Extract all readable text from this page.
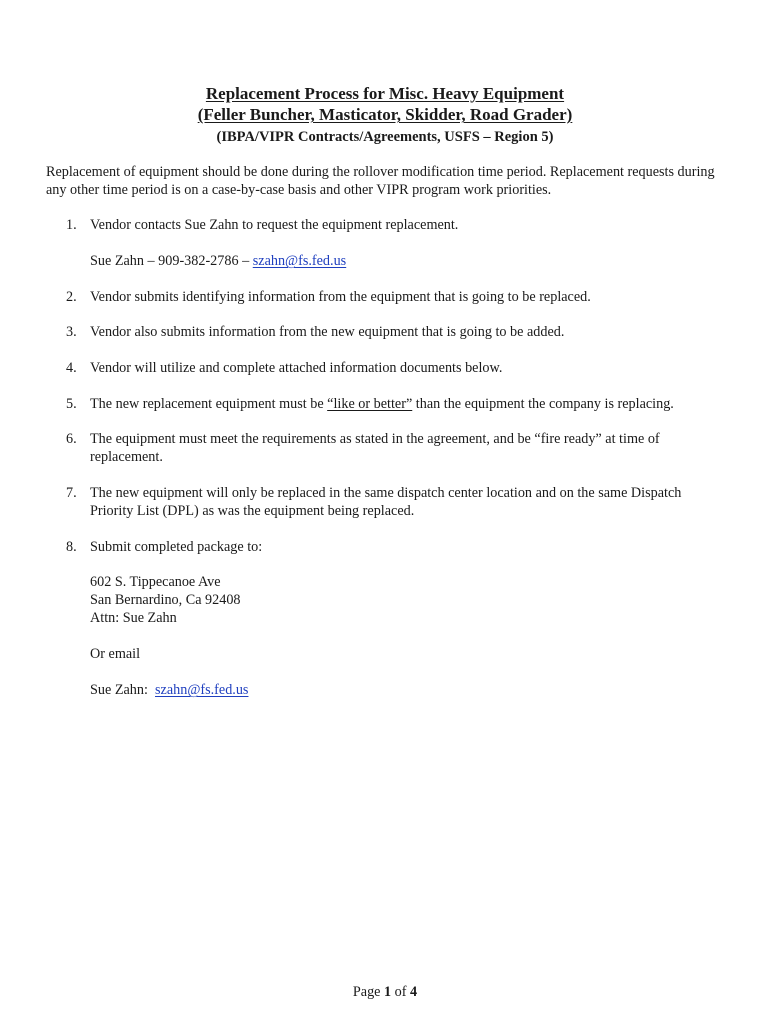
Replacement Process for Misc. Heavy Equipment
(Feller Buncher, Masticator, Skidder, Road Grader)
(IBPA/VIPR Contracts/Agreements, USFS – Region 5)
Replacement of equipment should be done during the rollover modification time period. Replacement requests during any other time period is on a case-by-case basis and other VIPR program work priorities.
1. Vendor contacts Sue Zahn to request the equipment replacement.
Sue Zahn – 909-382-2786 – szahn@fs.fed.us
2. Vendor submits identifying information from the equipment that is going to be replaced.
3. Vendor also submits information from the new equipment that is going to be added.
4. Vendor will utilize and complete attached information documents below.
5. The new replacement equipment must be “like or better” than the equipment the company is replacing.
6. The equipment must meet the requirements as stated in the agreement, and be “fire ready” at time of
replacement.
7. The new equipment will only be replaced in the same dispatch center location and on the same Dispatch
Priority List (DPL) as was the equipment being replaced.
8. Submit completed package to:
602 S. Tippecanoe Ave
San Bernardino, Ca 92408
Attn: Sue Zahn
Or email
Sue Zahn:  szahn@fs.fed.us
Page 1 of 4
